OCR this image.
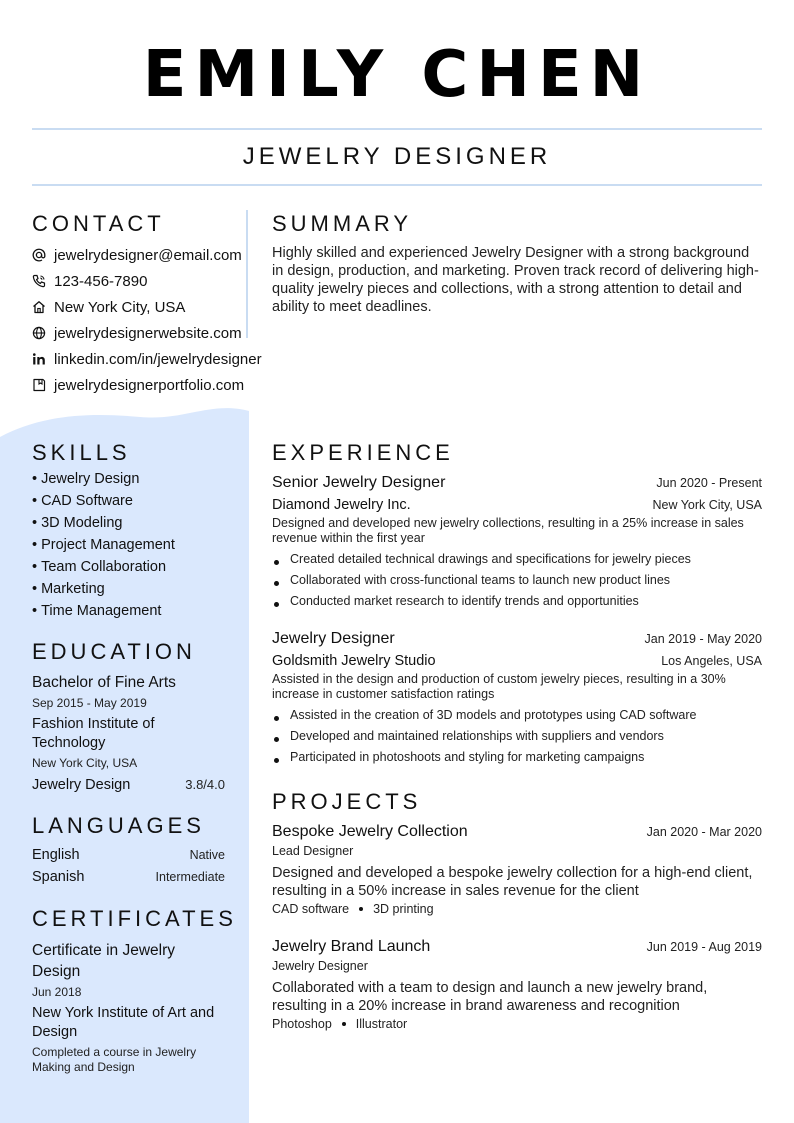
EMILY CHEN
JEWELRY DESIGNER
CONTACT
jewelrydesigner@email.com
123-456-7890
New York City, USA
jewelrydesignerwebsite.com
linkedin.com/in/jewelrydesigner
jewelrydesignerportfolio.com
SUMMARY

Highly skilled and experienced Jewelry Designer with a strong background in design, production, and marketing. Proven track record of delivering high-quality jewelry pieces and collections, with a strong attention to detail and ability to meet deadlines.

SKILLS
• Jewelry Design
• CAD Software
• 3D Modeling
• Project Management
• Team Collaboration
• Marketing
• Time Management
EDUCATION
Bachelor of Fine Arts
Sep 2015 - May 2019
Fashion Institute of Technology
New York City, USA
Jewelry Design	3.8/4.0
LANGUAGES
English	Native
Spanish	Intermediate
CERTIFICATES
Certificate in Jewelry Design
Jun 2018
New York Institute of Art and Design
Completed a course in Jewelry Making and Design
EXPERIENCE
Senior Jewelry Designer	Jun 2020 - Present
Diamond Jewelry Inc.	New York City, USA

Designed and developed new jewelry collections, resulting in a 25% increase in sales revenue within the first year

Created detailed technical drawings and specifications for jewelry pieces
Collaborated with cross-functional teams to launch new product lines
Conducted market research to identify trends and opportunities
Jewelry Designer	Jan 2019 - May 2020
Goldsmith Jewelry Studio	Los Angeles, USA

Assisted in the design and production of custom jewelry pieces, resulting in a 30% increase in customer satisfaction ratings

Assisted in the creation of 3D models and prototypes using CAD software
Developed and maintained relationships with suppliers and vendors
Participated in photoshoots and styling for marketing campaigns
PROJECTS
Bespoke Jewelry Collection	Jan 2020 - Mar 2020
Lead Designer

Designed and developed a bespoke jewelry collection for a high-end client, resulting in a 50% increase in sales revenue for the client

CAD software 3D printing
Jewelry Brand Launch	Jun 2019 - Aug 2019
Jewelry Designer

Collaborated with a team to design and launch a new jewelry brand, resulting in a 20% increase in brand awareness and recognition

Photoshop Illustrator
